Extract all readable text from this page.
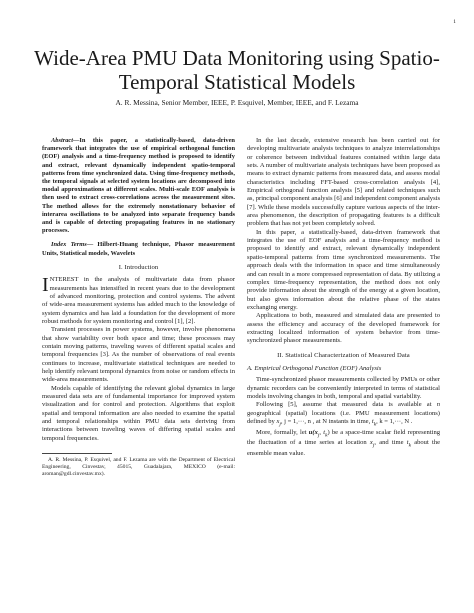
1
Wide-Area PMU Data Monitoring using Spatio-Temporal Statistical Models
A. R. Messina, Senior Member, IEEE, P. Esquivel, Member, IEEE, and F. Lezama

Abstract—In this paper, a statistically-based, data-driven framework that integrates the use of empirical orthogonal function (EOF) analysis and a time-frequency method is proposed to identify and extract, relevant dynamically independent spatio-temporal patterns from time synchronized data. Using time-frequency methods, the temporal signals at selected system locations are decomposed into modal approximations at different scales. Multi-scale EOF analysis is then used to extract cross-correlations across the measurement sites. The method allows for the extremely nonstationary behavior of interarea oscillations to be analyzed into separate frequency bands and is capable of detecting propagating features in no stationary processes.

Index Terms— Hilbert-Huang technique, Phasor measurement Units, Statistical models, Wavelets

I. Introduction

INTEREST in the analysis of multivariate data from phasor measurements has intensified in recent years due to the development of advanced monitoring, protection and control systems. The advent of wide-area measurement systems has added much to the knowledge of system dynamics and has laid a foundation for the development of more robust methods for system monitoring and control [1], [2].

Transient processes in power systems, however, involve phenomena that show variability over both space and time; these processes may contain moving patterns, traveling waves of different spatial scales and temporal frequencies [3]. As the number of observations of real events continues to increase, multivariate statistical techniques are needed to help identify relevant temporal dynamics from noise or random effects in wide-area measurements.

Models capable of identifying the relevant global dynamics in large measured data sets are of fundamental importance for improved system visualization and for control and protection. Algorithms that exploit spatial and temporal information are also needed to examine the spatial and temporal relationships within PMU data sets deriving from interactions between traveling waves of differing spatial scales and temporal frequencies.

A. R. Messina, P. Esquivel, and F. Lezama are with the Department of Electrical Engineering, Cinvestav, 45015, Guadalajara, MEXICO (e-mail: aroman@gdl.cinvestav.mx).

In the last decade, extensive research has been carried out for developing multivariate analysis techniques to analyze interrelationships or coherence between individual features contained within large data sets. A number of multivariate analysis techniques have been proposed as means to extract dynamic patterns from measured data, and assess modal characteristics including FFT-based cross-correlation analysis [4], Empirical orthogonal function analysis [5] and related techniques such as, principal component analysis [6] and independent component analysis [7]. While these models successfully capture various aspects of the inter-area phenomenon, the description of propagating features is a difficult problem that has not yet been completely solved.

In this paper, a statistically-based, data-driven framework that integrates the use of EOF analysis and a time-frequency method is proposed to identify and extract, relevant dynamically independent spatio-temporal patterns from time synchronized measurements. The approach deals with the information in space and time simultaneously and can result in a more compressed representation of data. By utilizing a complex time-frequency representation, the method does not only provide information about the strength of the energy at a given location, but also gives information about the relative phase of the states exchanging energy.

Applications to both, measured and simulated data are presented to assess the efficiency and accuracy of the developed framework for extracting localized information of system behavior from time-synchronized phasor measurements.

II. Statistical Characterization of Measured Data
A. Empirical Orthogonal Function (EOF) Analysis

Time-synchronized phasor measurements collected by PMUs or other dynamic recorders can be conveniently interpreted in terms of statistical models involving changes in both, temporal and spatial variability.

Following [5], assume that measured data is available at n geographical (spatial) locations (i.e. PMU measurement locations) defined by $x_j$, j = 1,···, n , at N instants in time, $t_k$, k = 1,···, N .

More, formally, let $u(x_j$, $t_k$) be a space-time scalar field representing the fluctuation of a time series at location $x_j$, and time $t_k$ about the ensemble mean value.
